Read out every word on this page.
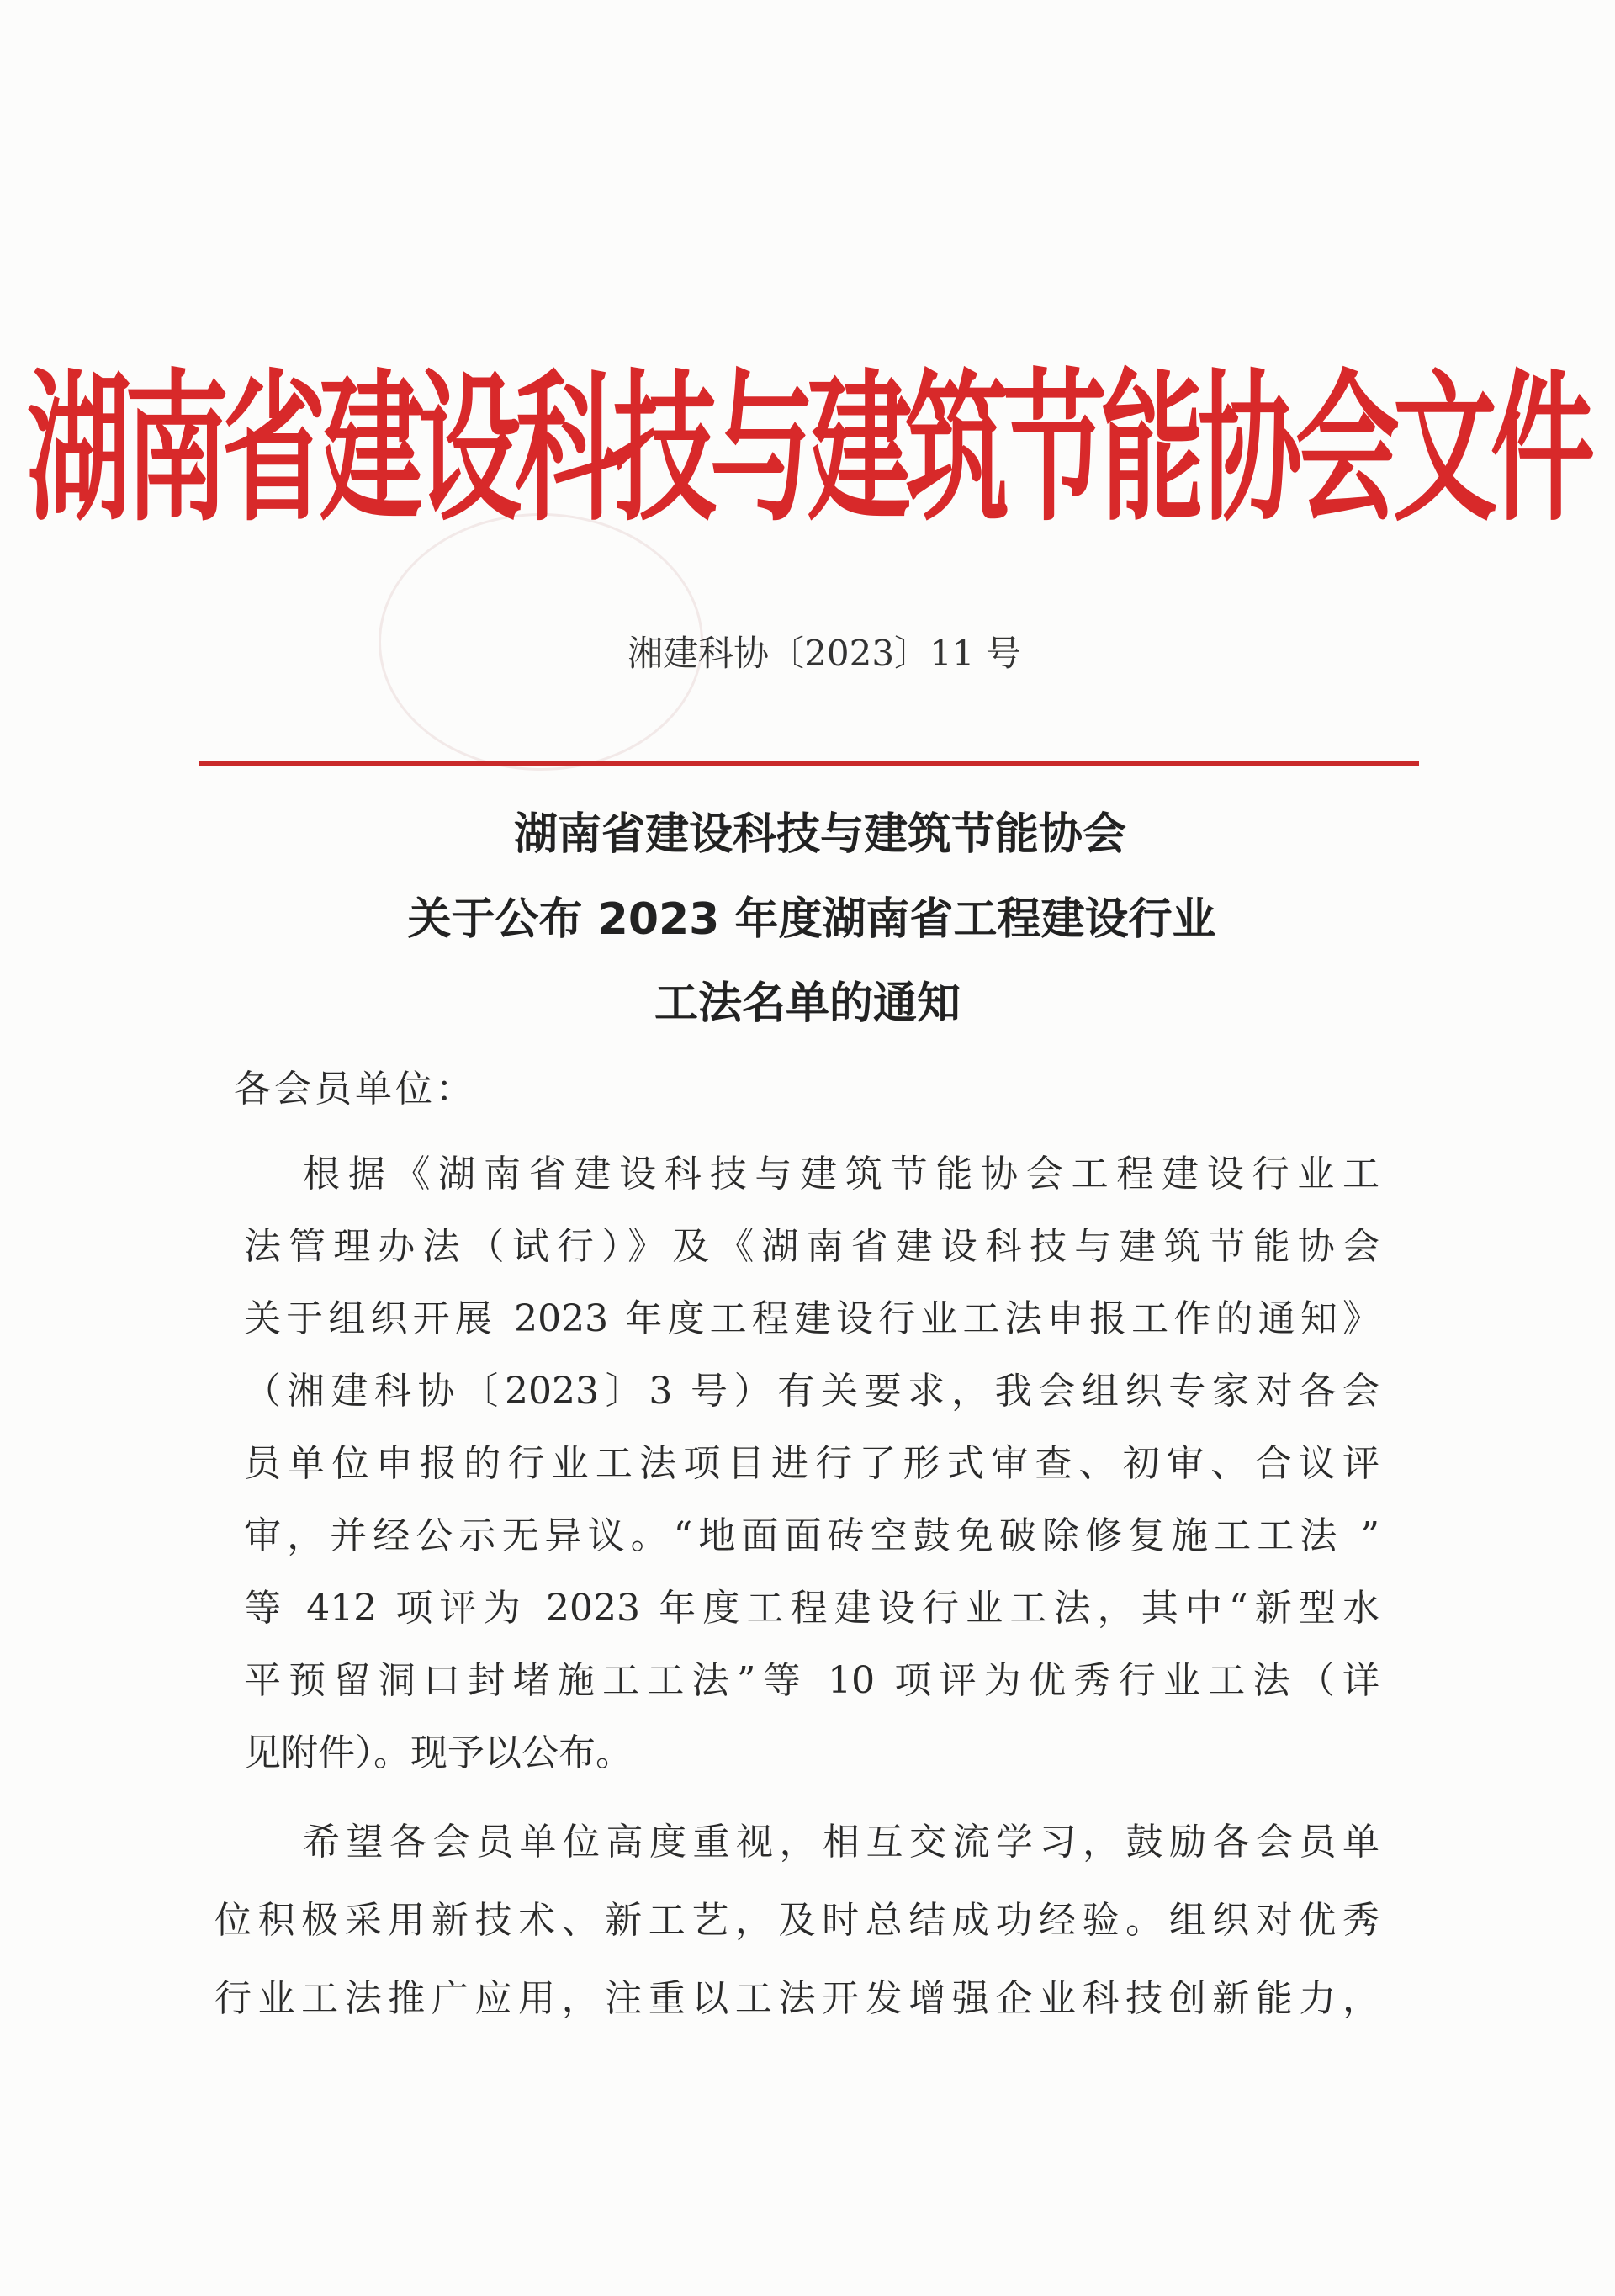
湖南省建设科技与建筑节能协会文件
湘建科协〔2023〕11 号
湖南省建设科技与建筑节能协会
关于公布 2023 年度湖南省工程建设行业
工法名单的通知
各会员单位：
根据《湖南省建设科技与建筑节能协会工程建设行业工
法管理办法（试行）》及《湖南省建设科技与建筑节能协会
关于组织开展 2023 年度工程建设行业工法申报工作的通知》
（湘建科协〔2023〕3 号）有关要求，我会组织专家对各会
员单位申报的行业工法项目进行了形式审查、初审、合议评
审，并经公示无异议。“地面面砖空鼓免破除修复施工工法 ”
等 412 项评为 2023 年度工程建设行业工法，其中“新型水
平预留洞口封堵施工工法”等 10 项评为优秀行业工法（详
见附件）。现予以公布。
希望各会员单位高度重视，相互交流学习，鼓励各会员单
位积极采用新技术、新工艺，及时总结成功经验。组织对优秀
行业工法推广应用，注重以工法开发增强企业科技创新能力，
